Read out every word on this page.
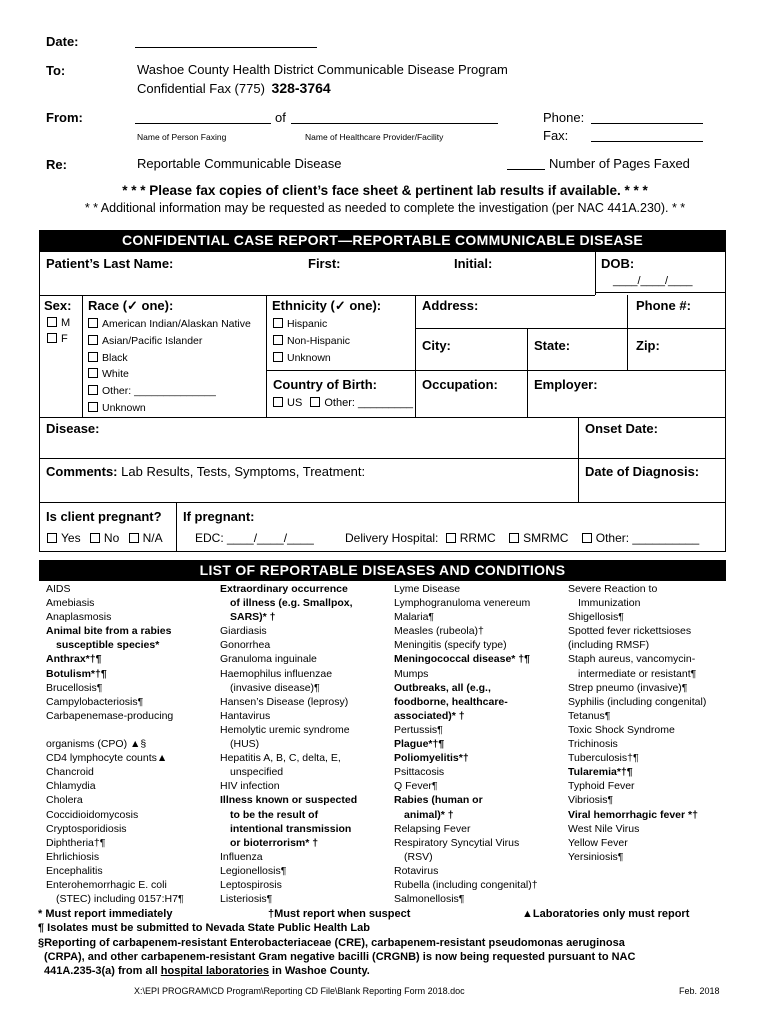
Date:
To:	Washoe County Health District Communicable Disease Program
Confidential Fax (775) 328-3764
From:	of	Phone:
Fax:
Name of Person Faxing	Name of Healthcare Provider/Facility
Re:	Reportable Communicable Disease	Number of Pages Faxed
* * * Please fax copies of client’s face sheet & pertinent lab results if available. * * *
* * Additional information may be requested as needed to complete the investigation (per NAC 441A.230). * *
CONFIDENTIAL CASE REPORT—REPORTABLE COMMUNICABLE DISEASE
Patient’s Last Name:	First:	Initial:	DOB:
____/____/____
Sex:
M
F
Race (✓ one):
American Indian/Alaskan Native
Asian/Pacific Islander
Black
White
Other: ______________
Unknown
Ethnicity (✓ one):
Hispanic
Non-Hispanic
Unknown
Country of Birth:
US Other: _________
Address:	Phone #:
City:	State:	Zip:
Occupation:	Employer:
Disease:	Onset Date:
Comments: Lab Results, Tests, Symptoms, Treatment:	Date of Diagnosis:
Is client pregnant? If pregnant:
Yes No N/A	EDC: ____/____/____	Delivery Hospital: RRMC SMRMC Other: __________
LIST OF REPORTABLE DISEASES AND CONDITIONS
AIDS
Amebiasis
Anaplasmosis
Animal bite from a rabies
susceptible species*
Anthrax*†¶
Botulism*†¶
Brucellosis¶
Campylobacteriosis¶
Carbapenemase-producing

organisms (CPO) ▲§
CD4 lymphocyte counts▲
Chancroid
Chlamydia
Cholera
Coccidioidomycosis
Cryptosporidiosis
Diphtheria†¶
Ehrlichiosis
Encephalitis
Enterohemorrhagic E. coli
(STEC) including 0157:H7¶
Extraordinary occurrence
of illness (e.g. Smallpox,
SARS)* †
Giardiasis
Gonorrhea
Granuloma inguinale
Haemophilus influenzae
(invasive disease)¶
Hansen’s Disease (leprosy)
Hantavirus
Hemolytic uremic syndrome
(HUS)
Hepatitis A, B, C, delta, E,
unspecified
HIV infection
Illness known or suspected
to be the result of
intentional transmission
or bioterrorism* †
Influenza
Legionellosis¶
Leptospirosis
Listeriosis¶
Lyme Disease
Lymphogranuloma venereum
Malaria¶
Measles (rubeola)†
Meningitis (specify type)
Meningococcal disease* †¶
Mumps
Outbreaks, all (e.g.,
foodborne, healthcare-
associated)* †
Pertussis¶
Plague*†¶
Poliomyelitis*†
Psittacosis
Q Fever¶
Rabies (human or
animal)* †
Relapsing Fever
Respiratory Syncytial Virus
(RSV)
Rotavirus
Rubella (including congenital)†
Salmonellosis¶
Severe Reaction to
Immunization
Shigellosis¶
Spotted fever rickettsioses
(including RMSF)
Staph aureus, vancomycin-
intermediate or resistant¶
Strep pneumo (invasive)¶
Syphilis (including congenital)
Tetanus¶
Toxic Shock Syndrome
Trichinosis
Tuberculosis†¶
Tularemia*†¶
Typhoid Fever
Vibriosis¶
Viral hemorrhagic fever *†
West Nile Virus
Yellow Fever
Yersiniosis¶
* Must report immediately	†Must report when suspect	▲Laboratories only must report
¶ Isolates must be submitted to Nevada State Public Health Lab
§Reporting of carbapenem-resistant Enterobacteriaceae (CRE), carbapenem-resistant pseudomonas aeruginosa
(CRPA), and other carbapenem-resistant Gram negative bacilli (CRGNB) is now being requested pursuant to NAC
441A.235-3(a) from all hospital laboratories in Washoe County.
X:\EPI PROGRAM\CD Program\Reporting CD File\Blank Reporting Form 2018.doc	Feb. 2018
